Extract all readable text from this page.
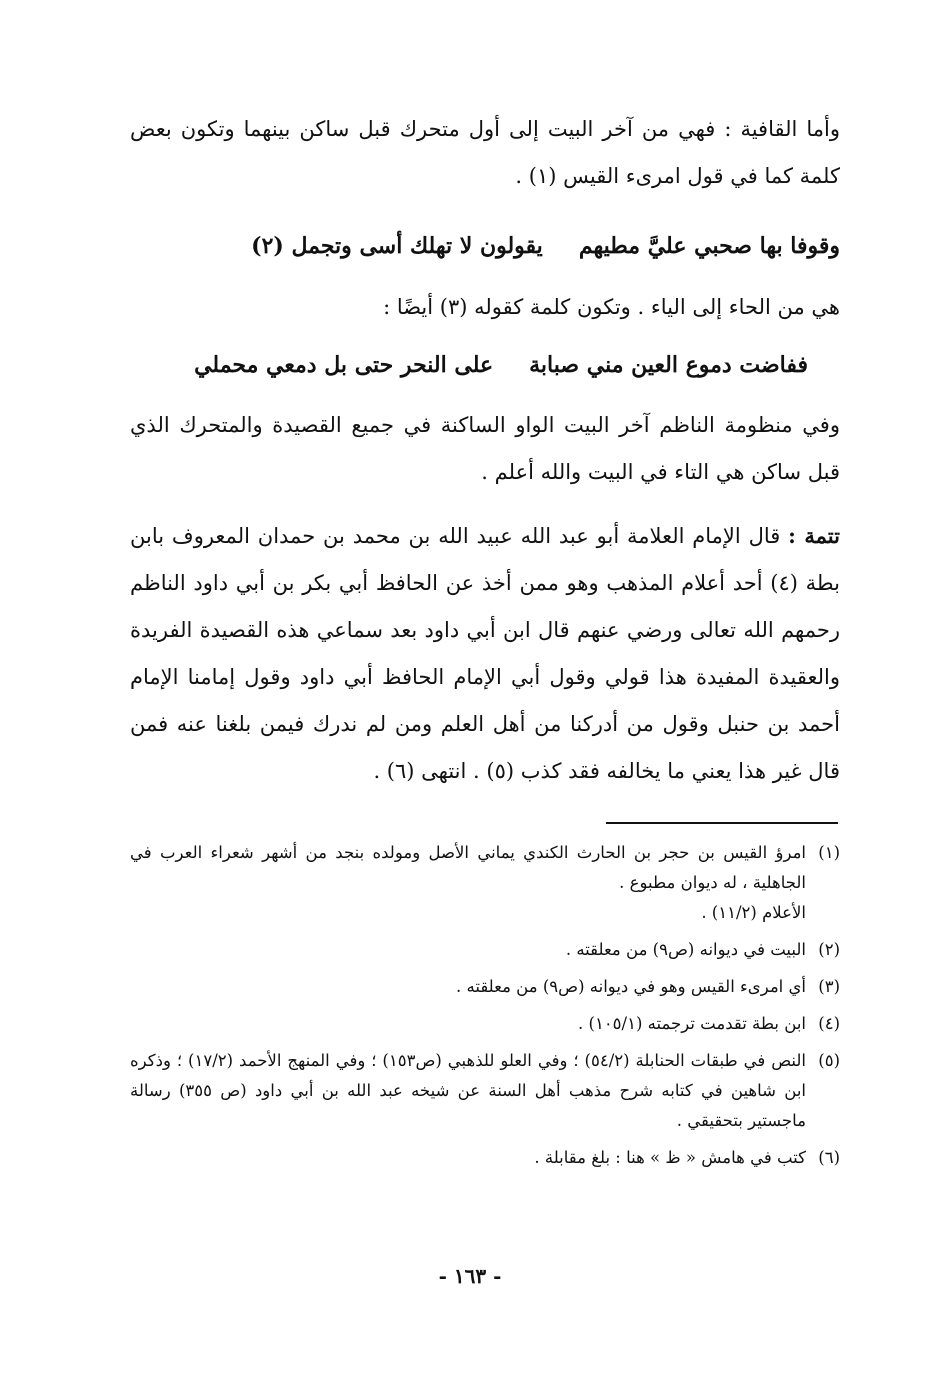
وأما القافية : فهي من آخر البيت إلى أول متحرك قبل ساكن بينهما وتكون بعض كلمة كما في قول امرىء القيس (١) .

وقوفا بها صحبي عليَّ مطيهم
يقولون لا تهلك أسى وتجمل (٢)

هي من الحاء إلى الياء . وتكون كلمة كقوله (٣) أيضًا :

ففاضت دموع العين مني صبابة
على النحر حتى بل دمعي محملي

وفي منظومة الناظم آخر البيت الواو الساكنة في جميع القصيدة والمتحرك الذي قبل ساكن هي التاء في البيت والله أعلم .

تتمة : قال الإمام العلامة أبو عبد الله عبيد الله بن محمد بن حمدان المعروف بابن بطة (٤) أحد أعلام المذهب وهو ممن أخذ عن الحافظ أبي بكر بن أبي داود الناظم رحمهم الله تعالى ورضي عنهم قال ابن أبي داود بعد سماعي هذه القصيدة الفريدة والعقيدة المفيدة هذا قولي وقول أبي الإمام الحافظ أبي داود وقول إمامنا الإمام أحمد بن حنبل وقول من أدركنا من أهل العلم ومن لم ندرك فيمن بلغنا عنه فمن قال غير هذا يعني ما يخالفه فقد كذب (٥) . انتهى (٦) .

(١)
امرؤ القيس بن حجر بن الحارث الكندي يماني الأصل ومولده بنجد من أشهر شعراء العرب في الجاهلية ، له ديوان مطبوع .
الأعلام (١١/٢) .
(٢)
البيت في ديوانه (ص٩) من معلقته .
(٣)
أي امرىء القيس وهو في ديوانه (ص٩) من معلقته .
(٤)
ابن بطة تقدمت ترجمته (١٠٥/١) .
(٥)
النص في طبقات الحنابلة (٥٤/٢) ؛ وفي العلو للذهبي (ص١٥٣) ؛ وفي المنهج الأحمد (١٧/٢) ؛ وذكره ابن شاهين في كتابه شرح مذهب أهل السنة عن شيخه عبد الله بن أبي داود (ص ٣٥٥) رسالة ماجستير بتحقيقي .
(٦)
كتب في هامش « ظ » هنا : بلغ مقابلة .
- ١٦٣ -
